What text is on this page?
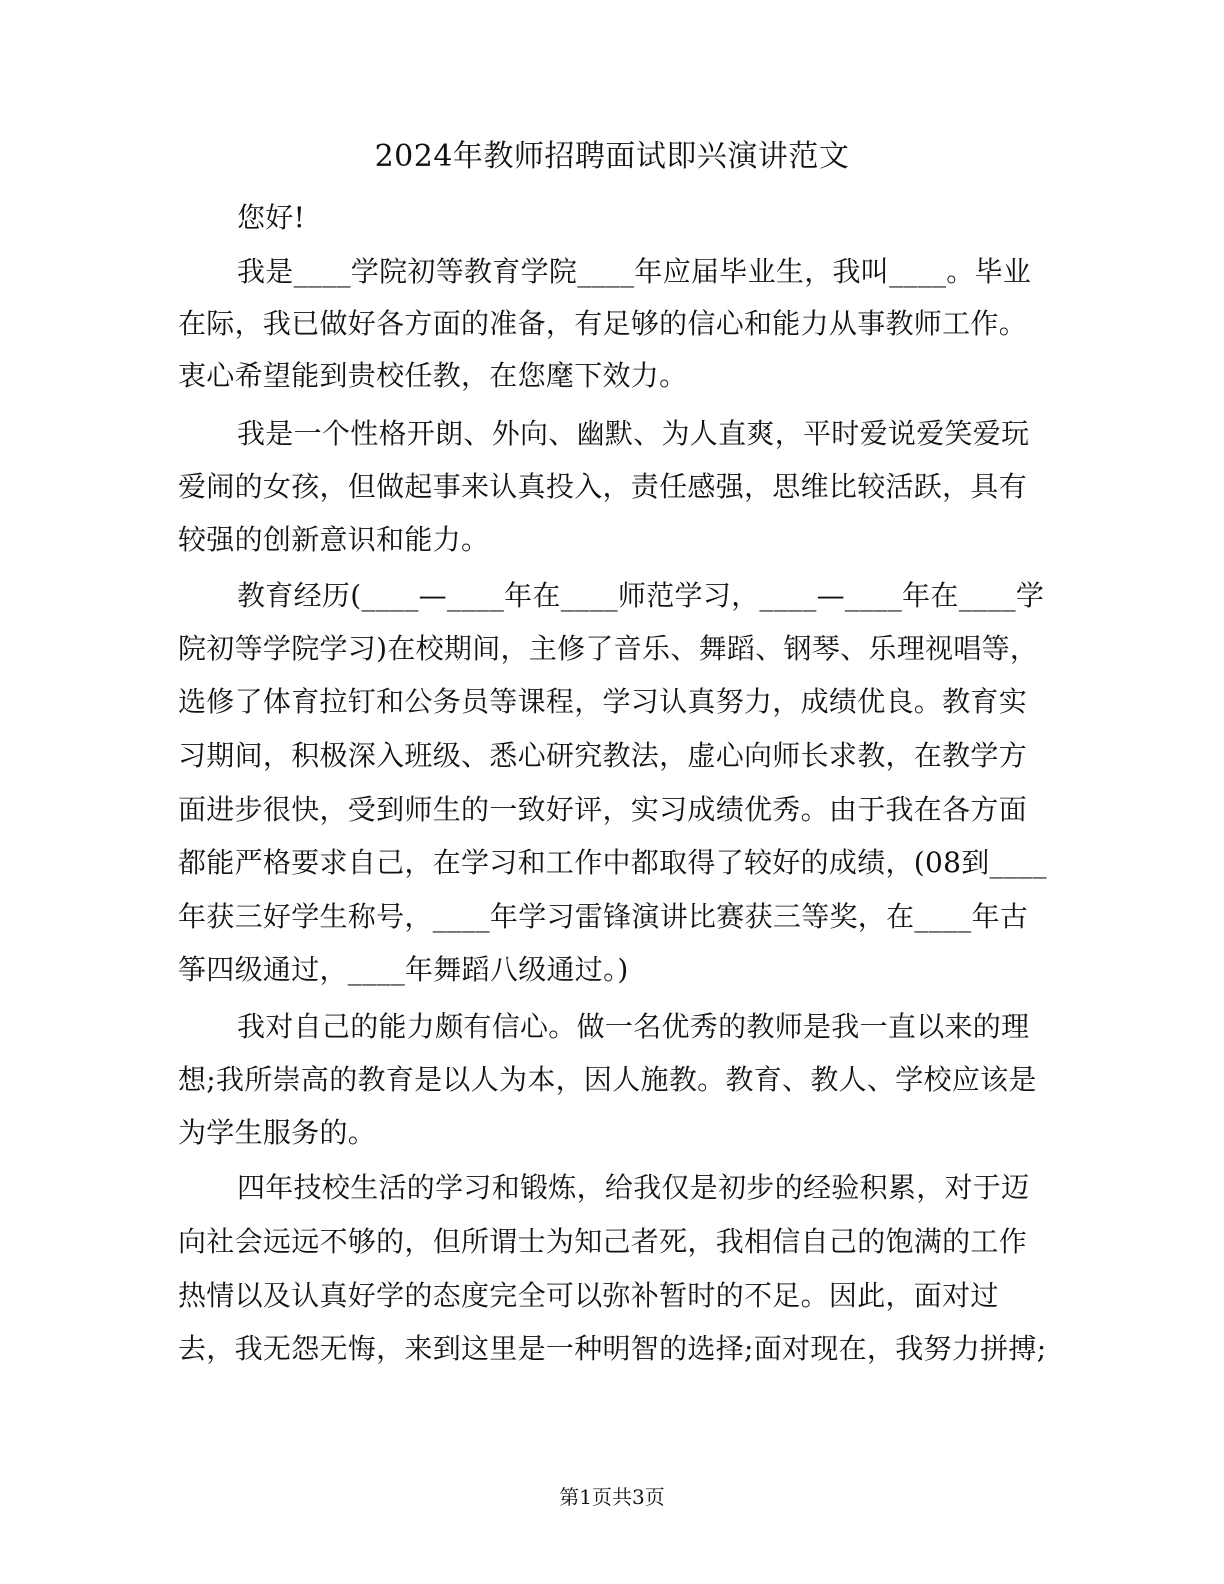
2024年教师招聘面试即兴演讲范文
您好!
我是____学院初等教育学院____年应届毕业生，我叫____。毕业
在际，我已做好各方面的准备，有足够的信心和能力从事教师工作。
衷心希望能到贵校任教，在您麾下效力。
我是一个性格开朗、外向、幽默、为人直爽，平时爱说爱笑爱玩
爱闹的女孩，但做起事来认真投入，责任感强，思维比较活跃，具有
较强的创新意识和能力。
教育经历(____—____年在____师范学习，____—____年在____学
院初等学院学习)在校期间，主修了音乐、舞蹈、钢琴、乐理视唱等，
选修了体育拉钉和公务员等课程，学习认真努力，成绩优良。教育实
习期间，积极深入班级、悉心研究教法，虚心向师长求教，在教学方
面进步很快，受到师生的一致好评，实习成绩优秀。由于我在各方面
都能严格要求自己，在学习和工作中都取得了较好的成绩，(08到____
年获三好学生称号，____年学习雷锋演讲比赛获三等奖，在____年古
筝四级通过，____年舞蹈八级通过。)
我对自己的能力颇有信心。做一名优秀的教师是我一直以来的理
想;我所崇高的教育是以人为本，因人施教。教育、教人、学校应该是
为学生服务的。
四年技校生活的学习和锻炼，给我仅是初步的经验积累，对于迈
向社会远远不够的，但所谓士为知己者死，我相信自己的饱满的工作
热情以及认真好学的态度完全可以弥补暂时的不足。因此，面对过
去，我无怨无悔，来到这里是一种明智的选择;面对现在，我努力拼搏;
第1页共3页
